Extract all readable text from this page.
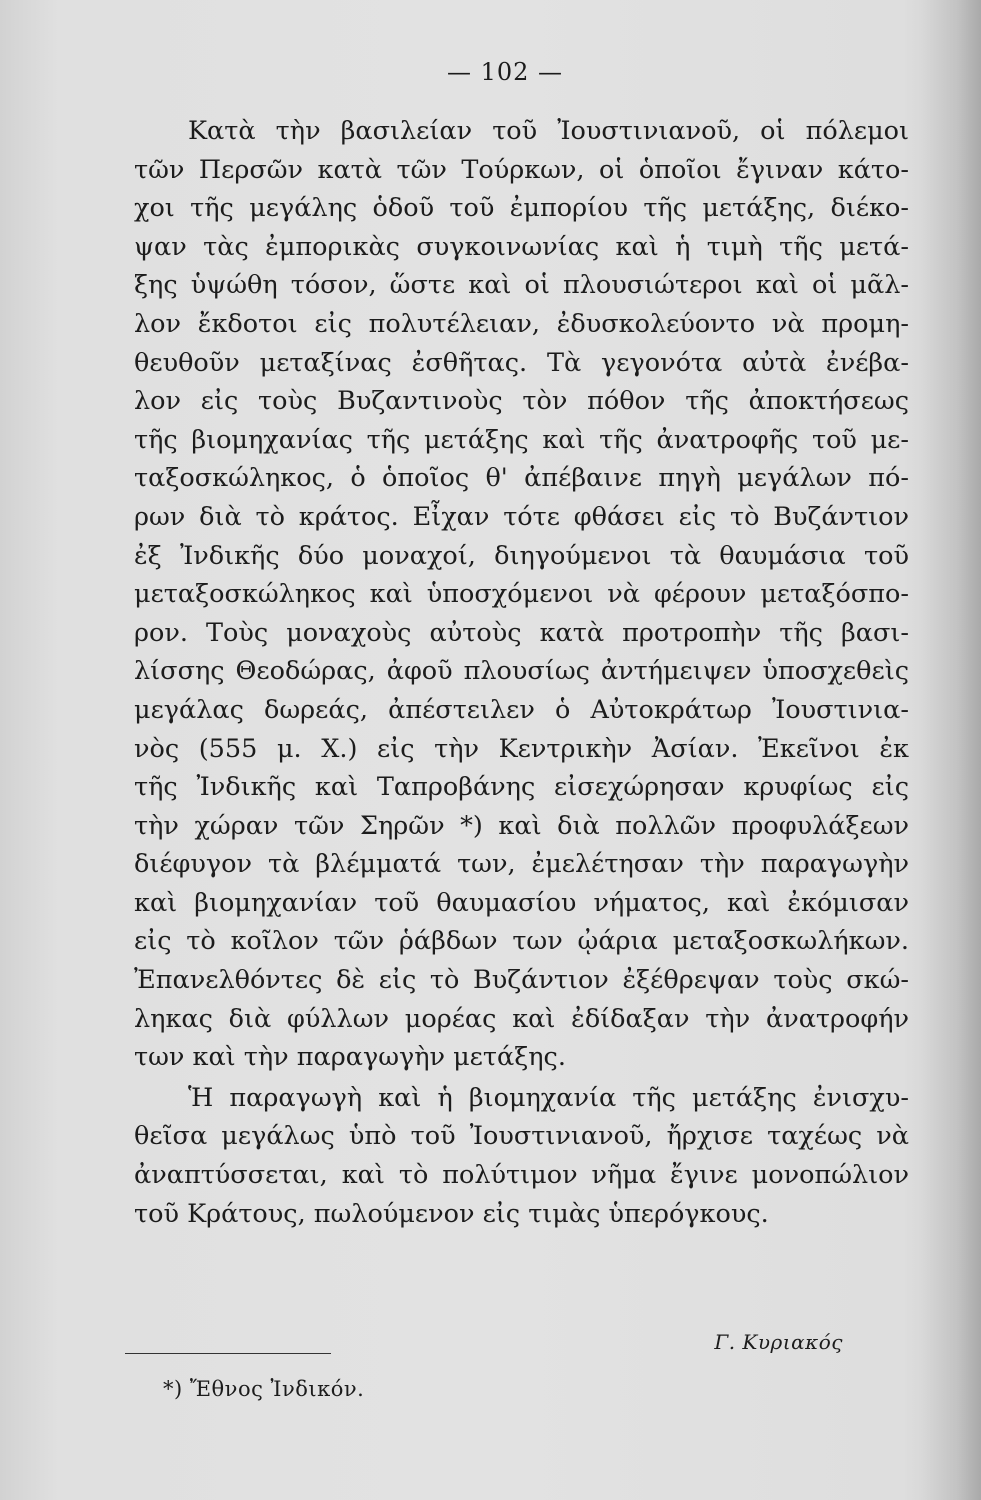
— 102 —
Κατὰ τὴν βασιλείαν τοῦ Ἰουστινιανοῦ, οἱ πόλεμοι
τῶν Περσῶν κατὰ τῶν Τούρκων, οἱ ὁποῖοι ἔγιναν κάτο-
χοι τῆς μεγάλης ὁδοῦ τοῦ ἐμπορίου τῆς μετάξης, διέκο-
ψαν τὰς ἐμπορικὰς συγκοινωνίας καὶ ἡ τιμὴ τῆς μετά-
ξης ὑψώθη τόσον, ὥστε καὶ οἱ πλουσιώτεροι καὶ οἱ μᾶλ-
λον ἔκδοτοι εἰς πολυτέλειαν, ἐδυσκολεύοντο νὰ προμη-
θευθοῦν μεταξίνας ἐσθῆτας. Τὰ γεγονότα αὐτὰ ἐνέβα-
λον εἰς τοὺς Βυζαντινοὺς τὸν πόθον τῆς ἀποκτήσεως
τῆς βιομηχανίας τῆς μετάξης καὶ τῆς ἀνατροφῆς τοῦ με-
ταξοσκώληκος, ὁ ὁποῖος θ' ἀπέβαινε πηγὴ μεγάλων πό-
ρων διὰ τὸ κράτος. Εἶχαν τότε φθάσει εἰς τὸ Βυζάντιον
ἐξ Ἰνδικῆς δύο μοναχοί, διηγούμενοι τὰ θαυμάσια τοῦ
μεταξοσκώληκος καὶ ὑποσχόμενοι νὰ φέρουν μεταξόσπο-
ρον. Τοὺς μοναχοὺς αὐτοὺς κατὰ προτροπὴν τῆς βασι-
λίσσης Θεοδώρας, ἀφοῦ πλουσίως ἀντήμειψεν ὑποσχεθεὶς
μεγάλας δωρεάς, ἀπέστειλεν ὁ Αὐτοκράτωρ Ἰουστινια-
νὸς (555 μ. Χ.) εἰς τὴν Κεντρικὴν Ἀσίαν. Ἐκεῖνοι ἐκ
τῆς Ἰνδικῆς καὶ Ταπροβάνης εἰσεχώρησαν κρυφίως εἰς
τὴν χώραν τῶν Σηρῶν *) καὶ διὰ πολλῶν προφυλάξεων
διέφυγον τὰ βλέμματά των, ἐμελέτησαν τὴν παραγωγὴν
καὶ βιομηχανίαν τοῦ θαυμασίου νήματος, καὶ ἐκόμισαν
εἰς τὸ κοῖλον τῶν ῥάβδων των ᾠάρια μεταξοσκωλήκων.
Ἐπανελθόντες δὲ εἰς τὸ Βυζάντιον ἐξέθρεψαν τοὺς σκώ-
ληκας διὰ φύλλων μορέας καὶ ἐδίδαξαν τὴν ἀνατροφήν
των καὶ τὴν παραγωγὴν μετάξης.
Ἡ παραγωγὴ καὶ ἡ βιομηχανία τῆς μετάξης ἐνισχυ-
θεῖσα μεγάλως ὑπὸ τοῦ Ἰουστινιανοῦ, ἤρχισε ταχέως νὰ
ἀναπτύσσεται, καὶ τὸ πολύτιμον νῆμα ἔγινε μονοπώλιον
τοῦ Κράτους, πωλούμενον εἰς τιμὰς ὑπερόγκους.
Γ. Κυριακός
*) Ἔθνος Ἰνδικόν.
